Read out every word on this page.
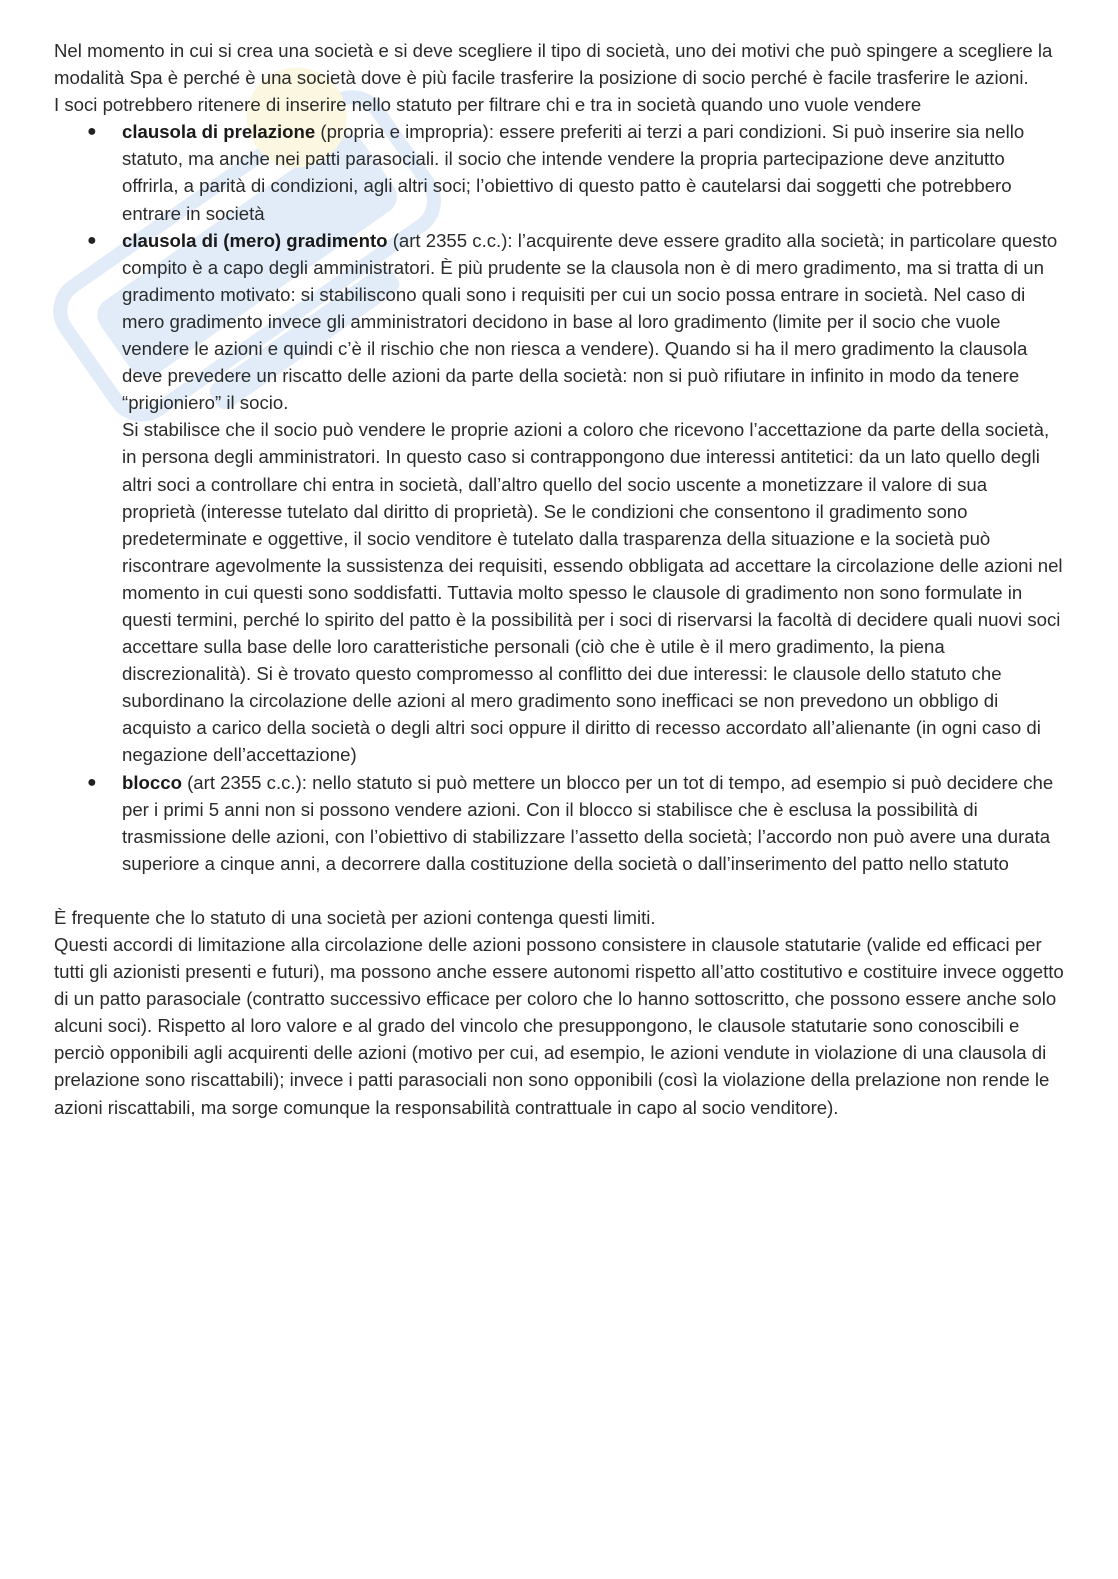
Nel momento in cui si crea una società e si deve scegliere il tipo di società, uno dei motivi che può spingere a scegliere la modalità Spa è perché è una società dove è più facile trasferire la posizione di socio perché è facile trasferire le azioni.

I soci potrebbero ritenere di inserire nello statuto per filtrare chi e tra in società quando uno vuole vendere

● clausola di prelazione (propria e impropria): essere preferiti ai terzi a pari condizioni. Si può inserire sia nello statuto, ma anche nei patti parasociali. il socio che intende vendere la propria partecipazione deve anzitutto offrirla, a parità di condizioni, agli altri soci; l’obiettivo di questo patto è cautelarsi dai soggetti che potrebbero entrare in società
● clausola di (mero) gradimento (art 2355 c.c.): l’acquirente deve essere gradito alla società; in particolare questo compito è a capo degli amministratori. È più prudente se la clausola non è di mero gradimento, ma si tratta di un gradimento motivato: si stabiliscono quali sono i requisiti per cui un socio possa entrare in società. Nel caso di mero gradimento invece gli amministratori decidono in base al loro gradimento (limite per il socio che vuole vendere le azioni e quindi c’è il rischio che non riesca a vendere). Quando si ha il mero gradimento la clausola deve prevedere un riscatto delle azioni da parte della società: non si può rifiutare in infinito in modo da tenere “prigioniero” il socio.

Si stabilisce che il socio può vendere le proprie azioni a coloro che ricevono l’accettazione da parte della società, in persona degli amministratori. In questo caso si contrappongono due interessi antitetici: da un lato quello degli altri soci a controllare chi entra in società, dall’altro quello del socio uscente a monetizzare il valore di sua proprietà (interesse tutelato dal diritto di proprietà). Se le condizioni che consentono il gradimento sono predeterminate e oggettive, il socio venditore è tutelato dalla trasparenza della situazione e la società può riscontrare agevolmente la sussistenza dei requisiti, essendo obbligata ad accettare la circolazione delle azioni nel momento in cui questi sono soddisfatti. Tuttavia molto spesso le clausole di gradimento non sono formulate in questi termini, perché lo spirito del patto è la possibilità per i soci di riservarsi la facoltà di decidere quali nuovi soci accettare sulla base delle loro caratteristiche personali (ciò che è utile è il mero gradimento, la piena discrezionalità). Si è trovato questo compromesso al conflitto dei due interessi: le clausole dello statuto che subordinano la circolazione delle azioni al mero gradimento sono inefficaci se non prevedono un obbligo di acquisto a carico della società o degli altri soci oppure il diritto di recesso accordato all’alienante (in ogni caso di negazione dell’accettazione)

● blocco (art 2355 c.c.): nello statuto si può mettere un blocco per un tot di tempo, ad esempio si può decidere che per i primi 5 anni non si possono vendere azioni. Con il blocco si stabilisce che è esclusa la possibilità di trasmissione delle azioni, con l’obiettivo di stabilizzare l’assetto della società; l’accordo non può avere una durata superiore a cinque anni, a decorrere dalla costituzione della società o dall’inserimento del patto nello statuto

È frequente che lo statuto di una società per azioni contenga questi limiti.

Questi accordi di limitazione alla circolazione delle azioni possono consistere in clausole statutarie (valide ed efficaci per tutti gli azionisti presenti e futuri), ma possono anche essere autonomi rispetto all’atto costitutivo e costituire invece oggetto di un patto parasociale (contratto successivo efficace per coloro che lo hanno sottoscritto, che possono essere anche solo alcuni soci). Rispetto al loro valore e al grado del vincolo che presuppongono, le clausole statutarie sono conoscibili e perciò opponibili agli acquirenti delle azioni (motivo per cui, ad esempio, le azioni vendute in violazione di una clausola di prelazione sono riscattabili); invece i patti parasociali non sono opponibili (così la violazione della prelazione non rende le azioni riscattabili, ma sorge comunque la responsabilità contrattuale in capo al socio venditore).
